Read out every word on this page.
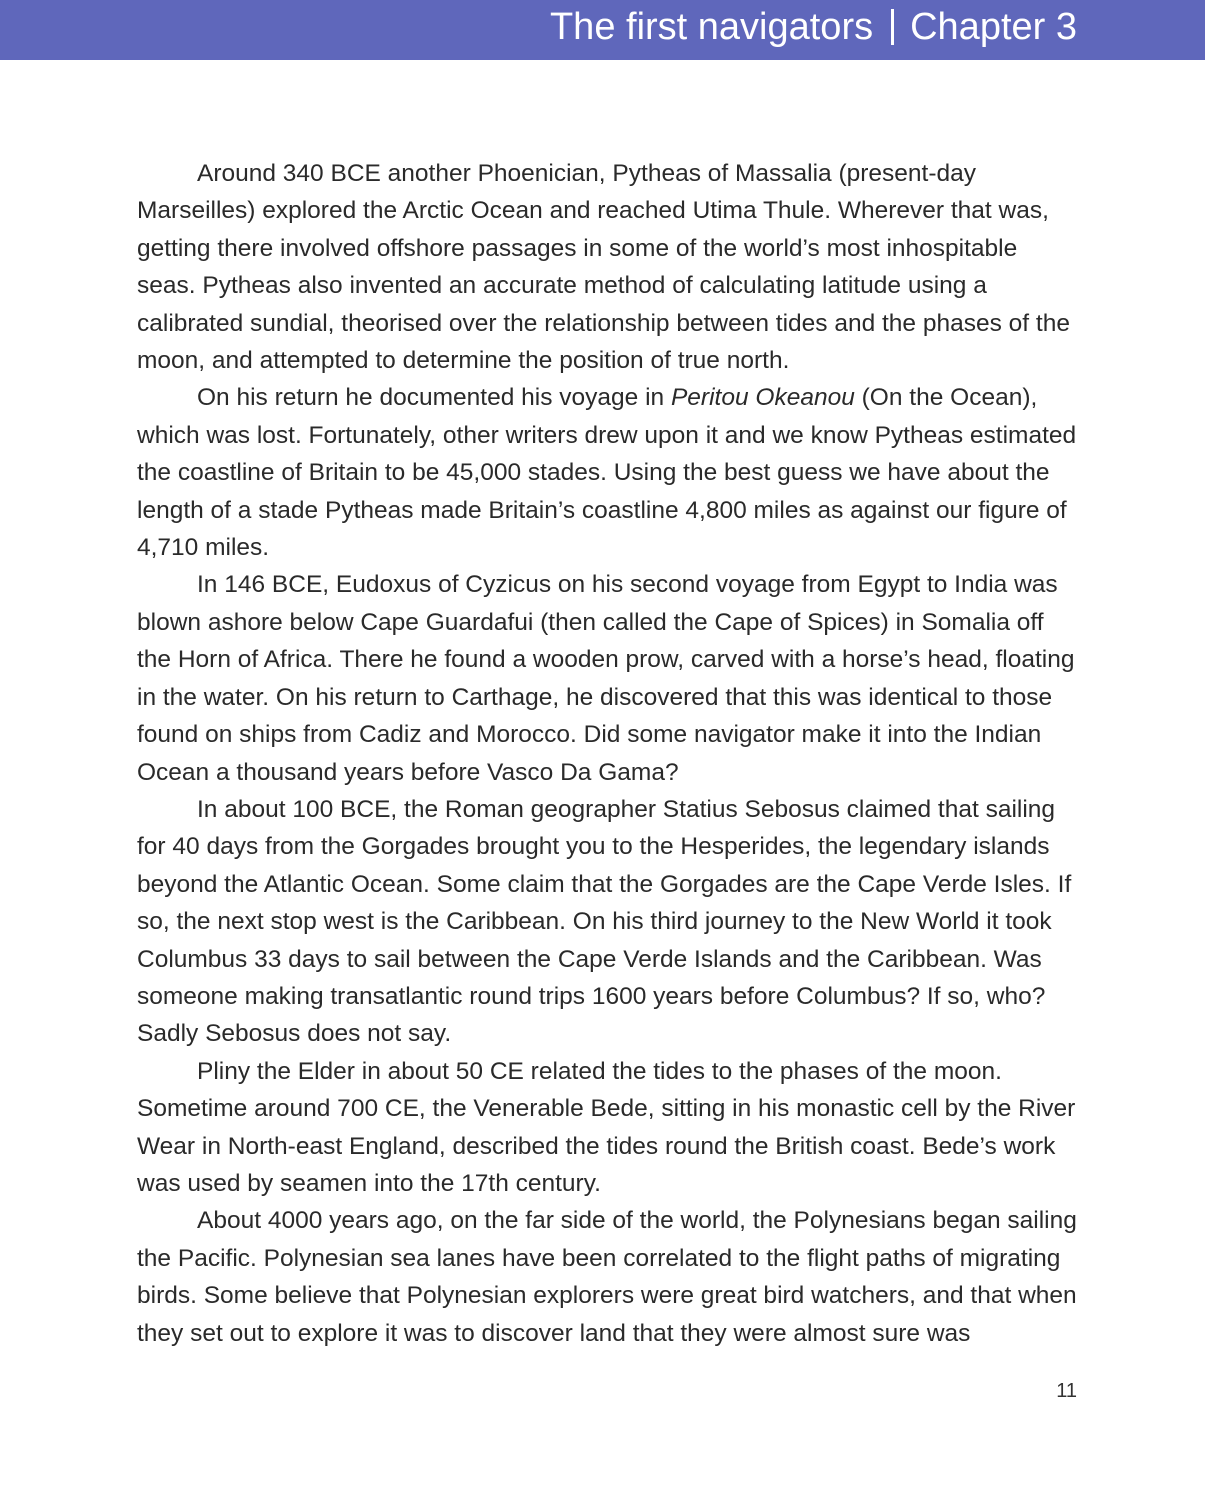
The first navigators Chapter 3

Around 340 BCE another Phoenician, Pytheas of Massalia (present-day Marseilles) explored the Arctic Ocean and reached Utima Thule. Wherever that was, getting there involved offshore passages in some of the world’s most inhospitable seas. Pytheas also invented an accurate method of calculating latitude using a calibrated sundial, theorised over the relationship between tides and the phases of the moon, and attempted to determine the position of true north.

On his return he documented his voyage in Peritou Okeanou (On the Ocean), which was lost. Fortunately, other writers drew upon it and we know Pytheas estimated the coastline of Britain to be 45,000 stades. Using the best guess we have about the length of a stade Pytheas made Britain’s coastline 4,800 miles as against our figure of 4,710 miles.

In 146 BCE, Eudoxus of Cyzicus on his second voyage from Egypt to India was blown ashore below Cape Guardafui (then called the Cape of Spices) in Somalia off the Horn of Africa. There he found a wooden prow, carved with a horse’s head, floating in the water. On his return to Carthage, he discovered that this was identical to those found on ships from Cadiz and Morocco. Did some navigator make it into the Indian Ocean a thousand years before Vasco Da Gama?

In about 100 BCE, the Roman geographer Statius Sebosus claimed that sailing for 40 days from the Gorgades brought you to the Hesperides, the legendary islands beyond the Atlantic Ocean. Some claim that the Gorgades are the Cape Verde Isles. If so, the next stop west is the Caribbean. On his third journey to the New World it took Columbus 33 days to sail between the Cape Verde Islands and the Caribbean. Was someone making transatlantic round trips 1600 years before Columbus? If so, who? Sadly Sebosus does not say.

Pliny the Elder in about 50 CE related the tides to the phases of the moon. Sometime around 700 CE, the Venerable Bede, sitting in his monastic cell by the River Wear in North-east England, described the tides round the British coast. Bede’s work was used by seamen into the 17th century.

About 4000 years ago, on the far side of the world, the Polynesians began sailing the Pacific. Polynesian sea lanes have been correlated to the flight paths of migrating birds. Some believe that Polynesian explorers were great bird watchers, and that when they set out to explore it was to discover land that they were almost sure was

11
